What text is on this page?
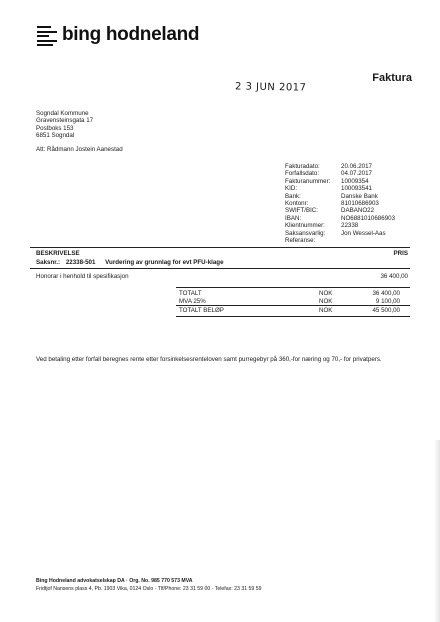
bing hodneland
Faktura
2 3 JUN 2017
Sogndal Kommune
Gravensteinsgata 17
Postboks 153
6851 Sogndal
Att: Rådmann Jostein Aanestad
Fakturadato:	20.06.2017
Forfallsdato:	04.07.2017
Fakturanummer:	10009354
KID:	100093541
Bank:	Danske Bank
Kontonr:	81010686903
SWIFT/BIC:	DABANO22
IBAN:	NO6881010686903
Klientnummer:	22338
Saksansvarlig:	Jon Wessel-Aas
Referanse:
BESKRIVELSE	PRIS
Saksnr.: 22338-501 Vurdering av grunnlag for evt PFU-klage
Honorar i henhold til spesifikasjon	36 400,00
TOTALT	NOK	36 400,00
MVA 25%	NOK	9 100,00
TOTALT BELØP	NOK	45 500,00
Ved betaling etter forfall beregnes rente etter forsinkelsesrenteloven samt purregebyr på 360,-for næring og 70,- for privatpers.
Bing Hodneland advokatselskap DA · Org. No. 985 770 573 MVA
Fridtjof Nansens plass 4, Pb. 1903 Vika, 0124 Oslo · Tlf/Phone: 23 31 59 00 · Telefax: 23 31 59 59
